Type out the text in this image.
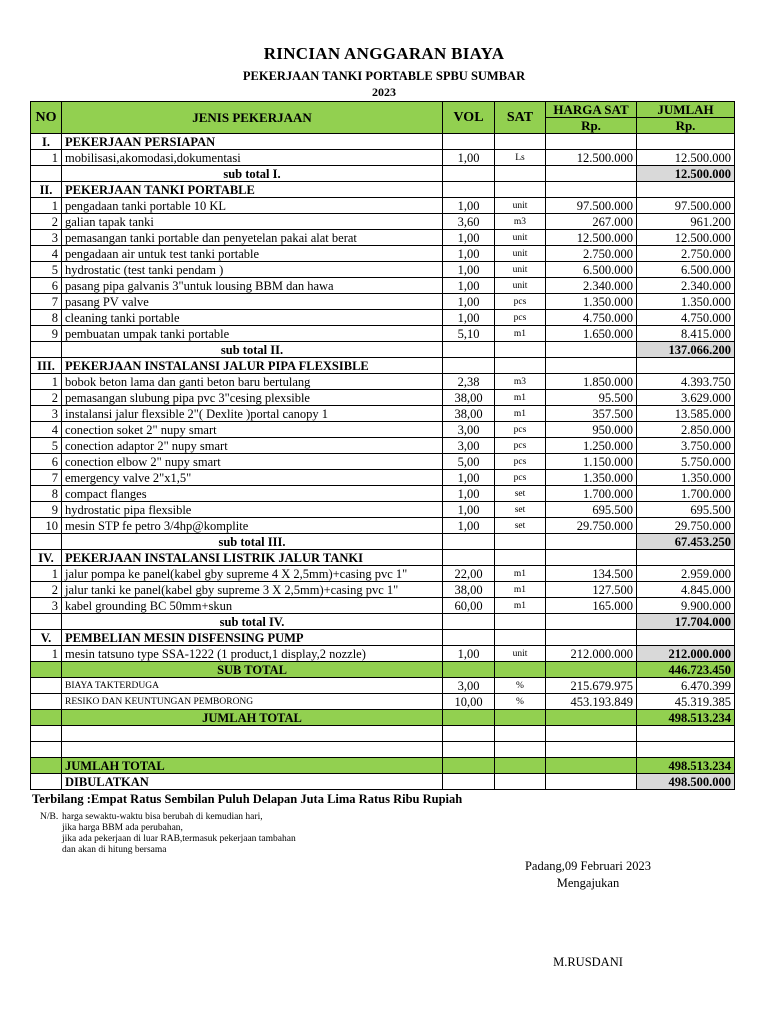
RINCIAN ANGGARAN BIAYA
PEKERJAAN TANKI PORTABLE SPBU SUMBAR
2023
NO	JENIS PEKERJAAN	VOL	SAT	HARGA SAT	JUMLAH
				Rp.	Rp.
I.	PEKERJAAN PERSIAPAN				
1	mobilisasi,akomodasi,dokumentasi	1,00	Ls	12.500.000	12.500.000
	sub total I.				12.500.000
II.	PEKERJAAN TANKI PORTABLE				
1	pengadaan tanki portable 10 KL	1,00	unit	97.500.000	97.500.000
2	galian tapak tanki	3,60	m3	267.000	961.200
3	pemasangan tanki portable dan penyetelan pakai alat berat	1,00	unit	12.500.000	12.500.000
4	pengadaan air untuk test tanki portable	1,00	unit	2.750.000	2.750.000
5	hydrostatic (test tanki pendam )	1,00	unit	6.500.000	6.500.000
6	pasang pipa galvanis 3"untuk lousing BBM dan hawa	1,00	unit	2.340.000	2.340.000
7	pasang PV valve	1,00	pcs	1.350.000	1.350.000
8	cleaning tanki portable	1,00	pcs	4.750.000	4.750.000
9	pembuatan umpak tanki portable	5,10	m1	1.650.000	8.415.000
	sub total II.				137.066.200
III.	PEKERJAAN INSTALANSI JALUR PIPA FLEXSIBLE				
1	bobok beton lama dan ganti beton baru bertulang	2,38	m3	1.850.000	4.393.750
2	pemasangan slubung pipa pvc 3"cesing plexsible	38,00	m1	95.500	3.629.000
3	instalansi jalur flexsible 2"( Dexlite )portal canopy 1	38,00	m1	357.500	13.585.000
4	conection soket 2" nupy smart	3,00	pcs	950.000	2.850.000
5	conection adaptor 2" nupy smart	3,00	pcs	1.250.000	3.750.000
6	conection elbow 2" nupy smart	5,00	pcs	1.150.000	5.750.000
7	emergency valve 2"x1,5"	1,00	pcs	1.350.000	1.350.000
8	compact flanges	1,00	set	1.700.000	1.700.000
9	hydrostatic pipa flexsible	1,00	set	695.500	695.500
10	mesin STP fe petro 3/4hp@komplite	1,00	set	29.750.000	29.750.000
	sub total III.				67.453.250
IV.	PEKERJAAN INSTALANSI LISTRIK JALUR TANKI				
1	jalur pompa ke panel(kabel gby supreme 4 X 2,5mm)+casing pvc 1"	22,00	m1	134.500	2.959.000
2	jalur tanki ke panel(kabel gby supreme 3 X 2,5mm)+casing pvc 1"	38,00	m1	127.500	4.845.000
3	kabel grounding BC 50mm+skun	60,00	m1	165.000	9.900.000
	sub total IV.				17.704.000
V.	PEMBELIAN MESIN DISFENSING PUMP				
1	mesin tatsuno type SSA-1222 (1 product,1 display,2 nozzle)	1,00	unit	212.000.000	212.000.000
	SUB TOTAL				446.723.450
	BIAYA TAKTERDUGA	3,00	%	215.679.975	6.470.399
	RESIKO DAN KEUNTUNGAN PEMBORONG	10,00	%	453.193.849	45.319.385
	JUMLAH TOTAL				498.513.234

	JUMLAH TOTAL				498.513.234
	DIBULATKAN				498.500.000
Terbilang :Empat Ratus Sembilan Puluh Delapan Juta Lima Ratus Ribu Rupiah
N/B. harga sewaktu-waktu bisa berubah di kemudian hari,
jika harga BBM ada perubahan,
jika ada pekerjaan di luar RAB,termasuk pekerjaan tambahan
dan akan di hitung bersama
Padang,09 Februari 2023
Mengajukan
M.RUSDANI
